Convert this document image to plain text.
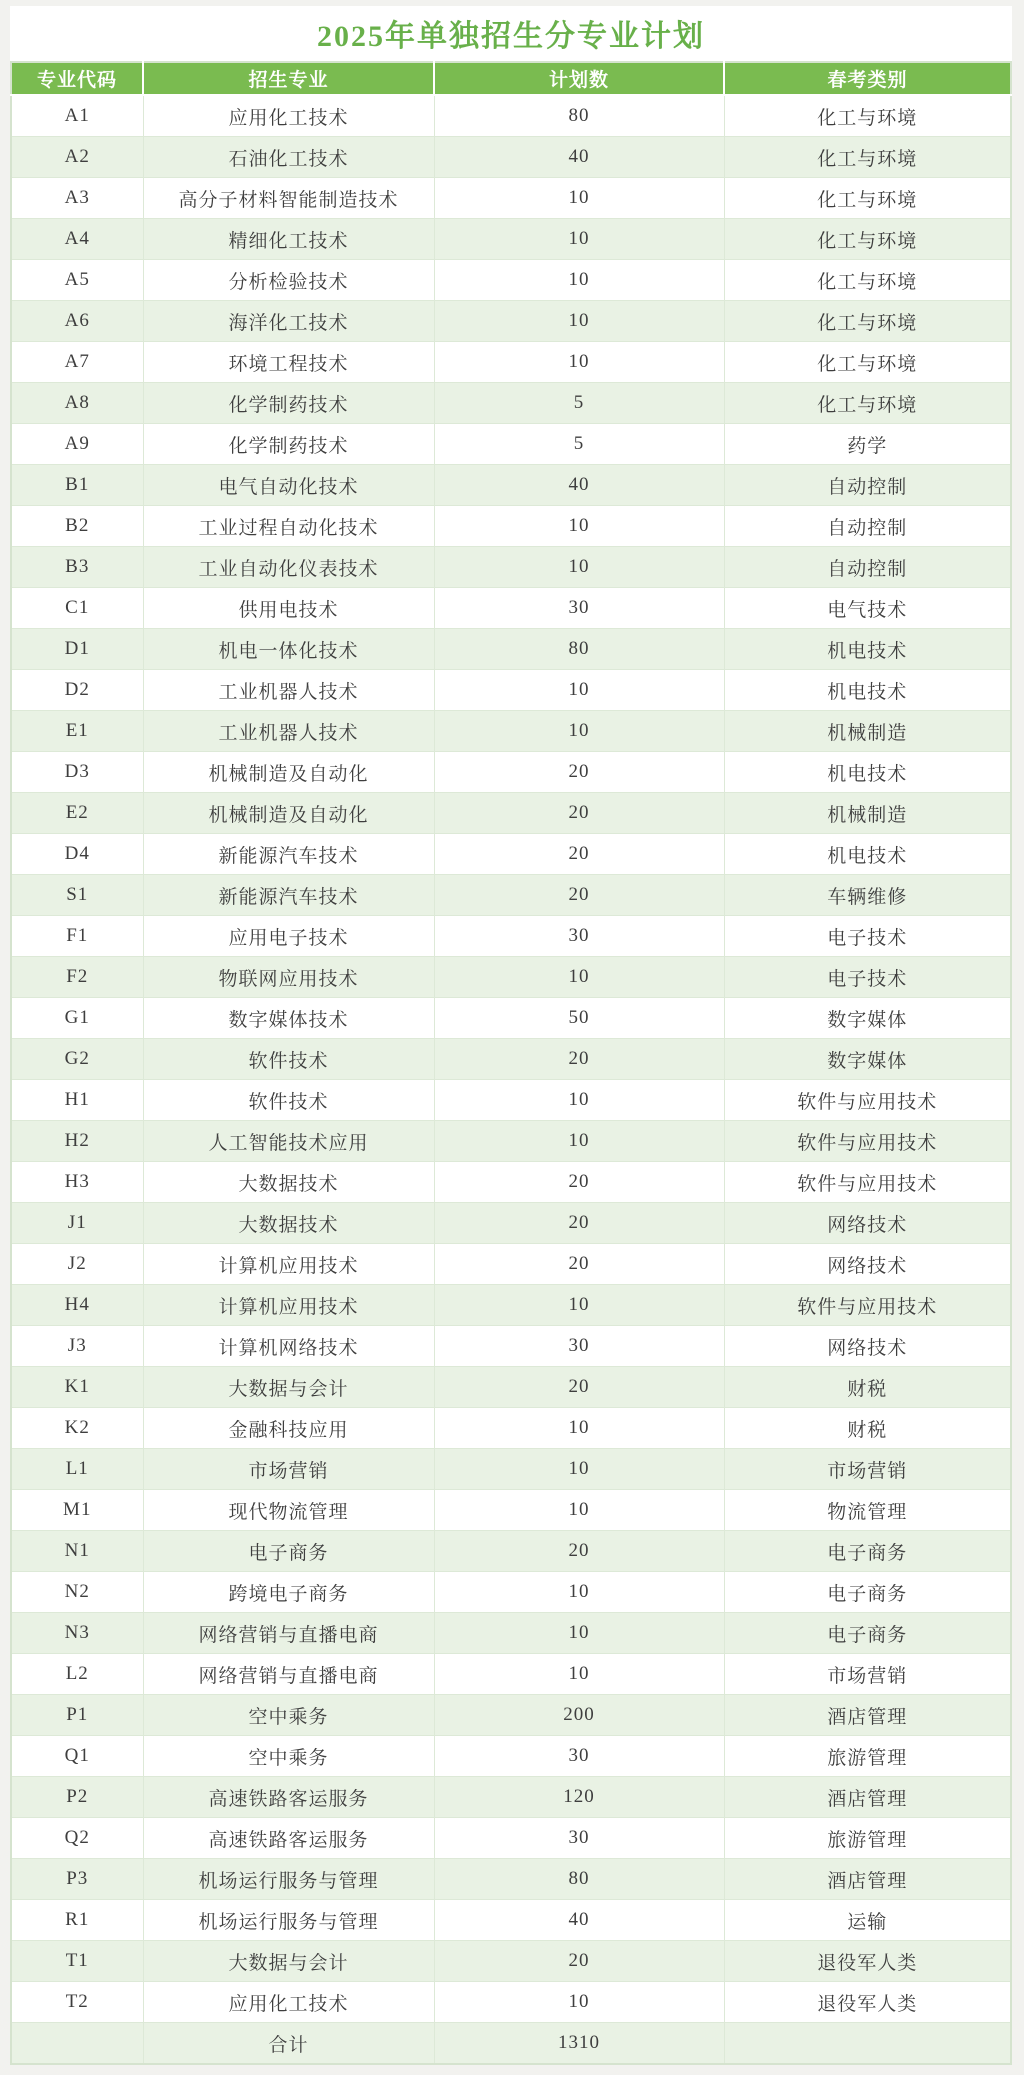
2025年单独招生分专业计划
专业代码	招生专业	计划数	春考类别
A1	应用化工技术	80	化工与环境
A2	石油化工技术	40	化工与环境
A3	高分子材料智能制造技术	10	化工与环境
A4	精细化工技术	10	化工与环境
A5	分析检验技术	10	化工与环境
A6	海洋化工技术	10	化工与环境
A7	环境工程技术	10	化工与环境
A8	化学制药技术	5	化工与环境
A9	化学制药技术	5	药学
B1	电气自动化技术	40	自动控制
B2	工业过程自动化技术	10	自动控制
B3	工业自动化仪表技术	10	自动控制
C1	供用电技术	30	电气技术
D1	机电一体化技术	80	机电技术
D2	工业机器人技术	10	机电技术
E1	工业机器人技术	10	机械制造
D3	机械制造及自动化	20	机电技术
E2	机械制造及自动化	20	机械制造
D4	新能源汽车技术	20	机电技术
S1	新能源汽车技术	20	车辆维修
F1	应用电子技术	30	电子技术
F2	物联网应用技术	10	电子技术
G1	数字媒体技术	50	数字媒体
G2	软件技术	20	数字媒体
H1	软件技术	10	软件与应用技术
H2	人工智能技术应用	10	软件与应用技术
H3	大数据技术	20	软件与应用技术
J1	大数据技术	20	网络技术
J2	计算机应用技术	20	网络技术
H4	计算机应用技术	10	软件与应用技术
J3	计算机网络技术	30	网络技术
K1	大数据与会计	20	财税
K2	金融科技应用	10	财税
L1	市场营销	10	市场营销
M1	现代物流管理	10	物流管理
N1	电子商务	20	电子商务
N2	跨境电子商务	10	电子商务
N3	网络营销与直播电商	10	电子商务
L2	网络营销与直播电商	10	市场营销
P1	空中乘务	200	酒店管理
Q1	空中乘务	30	旅游管理
P2	高速铁路客运服务	120	酒店管理
Q2	高速铁路客运服务	30	旅游管理
P3	机场运行服务与管理	80	酒店管理
R1	机场运行服务与管理	40	运输
T1	大数据与会计	20	退役军人类
T2	应用化工技术	10	退役军人类
	合计	1310	
